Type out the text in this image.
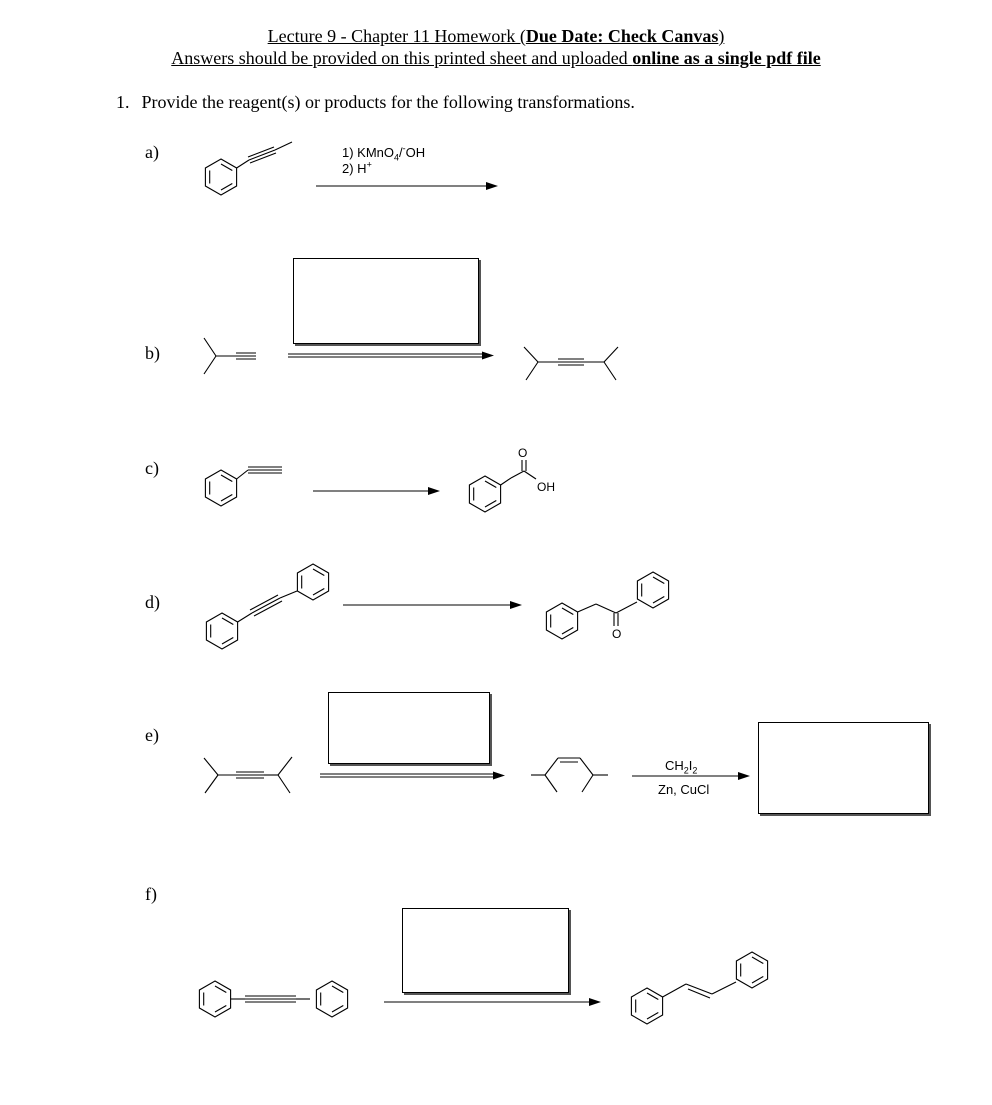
Lecture 9 - Chapter 11 Homework (Due Date: Check Canvas)
Answers should be provided on this printed sheet and uploaded online as a single pdf file
1. Provide the reagent(s) or products for the following transformations.
a)
b)
c)
d)
e)
f)
1) KMnO$_4$/-OH
2) H+
$CH_2I_2$
Zn, CuCl
O
OH
O
